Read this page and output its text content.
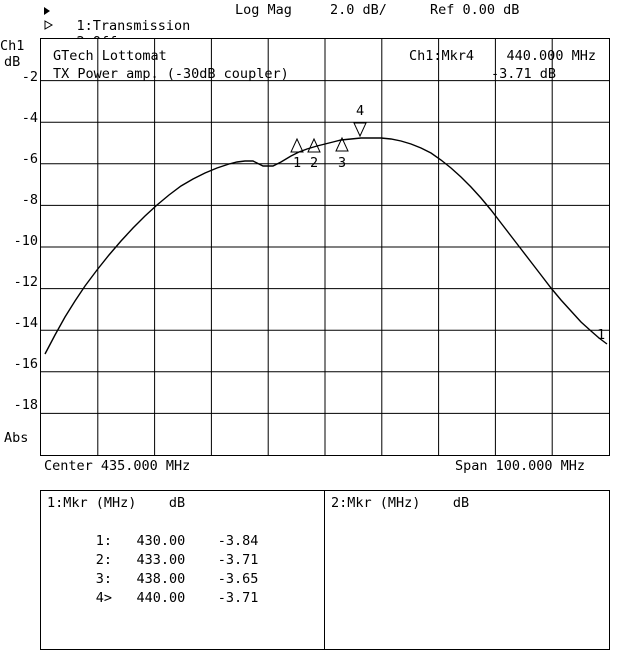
1:Transmission

Log Mag	2.0 dB/	Ref 0.00 dB
Ch1
dB
Abs
-2
-4
-6
-8
-10
-12
-14
-16
-18
1 2 3
4
1
GTech Lottomat
TX Power amp. (-30dB coupler)
Ch1:Mkr4 440.000 MHz
-3.71 dB
Center 435.000 MHz	Span 100.000 MHz
1:Mkr (MHz) dB

1: 430.00 -3.84

2: 433.00 -3.71

3: 438.00 -3.65

4> 440.00 -3.71

2:Mkr (MHz) dB
